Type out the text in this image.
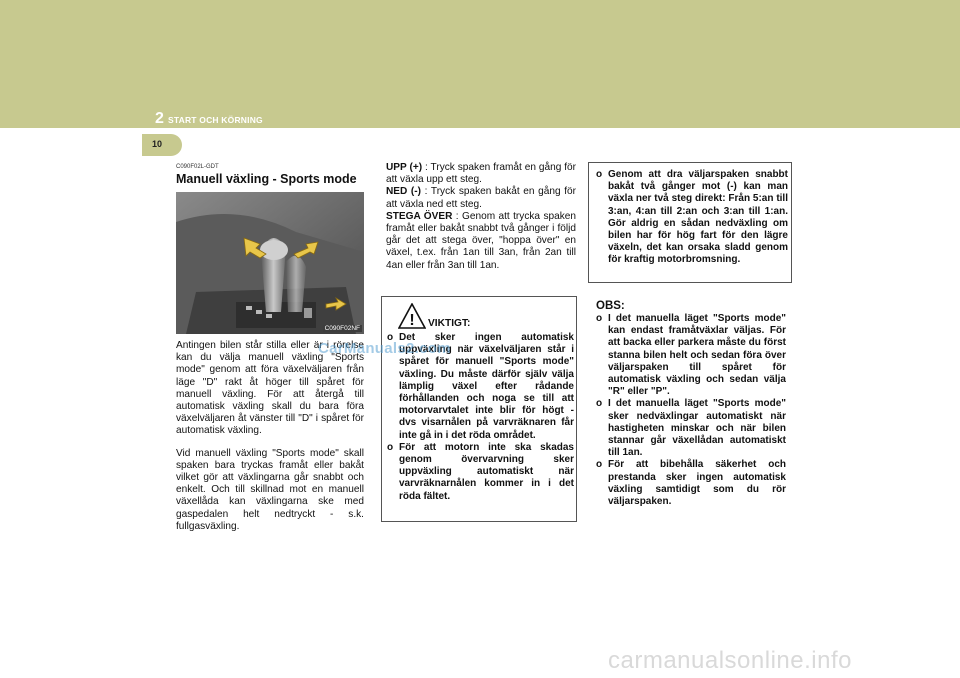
2 START OCH KÖRNING
10
C090F02L-GDT
Manuell växling - Sports mode
C090F02NF

Antingen bilen står stilla eller är i rörelse kan du välja manuell växling "Sports mode" genom att föra växelväljaren från läge "D" rakt åt höger till spåret för manuell växling. För att återgå till automatisk växling skall du bara föra växelväljaren åt vänster till "D" i spåret för automatisk växling.

Vid manuell växling "Sports mode" skall spaken bara tryckas framåt eller bakåt vilket gör att växlingarna går snabbt och enkelt. Och till skillnad mot en manuell växellåda kan växlingarna ske med gaspedalen helt nedtryckt - s.k. fullgasväxling.

UPP (+) : Tryck spaken framåt en gång för att växla upp ett steg.
NED (-) : Tryck spaken bakåt en gång för att växla ned ett steg.
STEGA ÖVER : Genom att trycka spaken framåt eller bakåt snabbt två gånger i följd går det att stega över, "hoppa över" en växel, t.ex. från 1an till 3an, från 2an till 4an eller från 3an till 1an.

! VIKTIGT:
o Det sker ingen automatisk uppväxling när växelväljaren står i spåret för manuell "Sports mode" växling. Du måste därför själv välja lämplig växel efter rådande förhållanden och noga se till att motorvarvtalet inte blir för högt - dvs visarnålen på varvräknaren får inte gå in i det röda området.
o För att motorn inte ska skadas genom övervarvning sker uppväxling automatiskt när varvräknarnålen kommer in i det röda fältet.
o Genom att dra väljarspaken snabbt bakåt två gånger mot (-) kan man växla ner två steg direkt: Från 5:an till 3:an, 4:an till 2:an och 3:an till 1:an. Gör aldrig en sådan nedväxling om bilen har för hög fart för den lägre växeln, det kan orsaka sladd genom för kraftig motorbromsning.
OBS:
o I det manuella läget "Sports mode" kan endast framåtväxlar väljas. För att backa eller parkera måste du först stanna bilen helt och sedan föra över väljarspaken till spåret för automatisk växling och sedan välja "R" eller "P".
o I det manuella läget "Sports mode" sker nedväxlingar automatiskt när hastigheten minskar och när bilen stannar går växellådan automatiskt till 1an.
o För att bibehålla säkerhet och prestanda sker ingen automatisk växling samtidigt som du rör väljarspaken.
CarManuals2.com
carmanualsonline.info
